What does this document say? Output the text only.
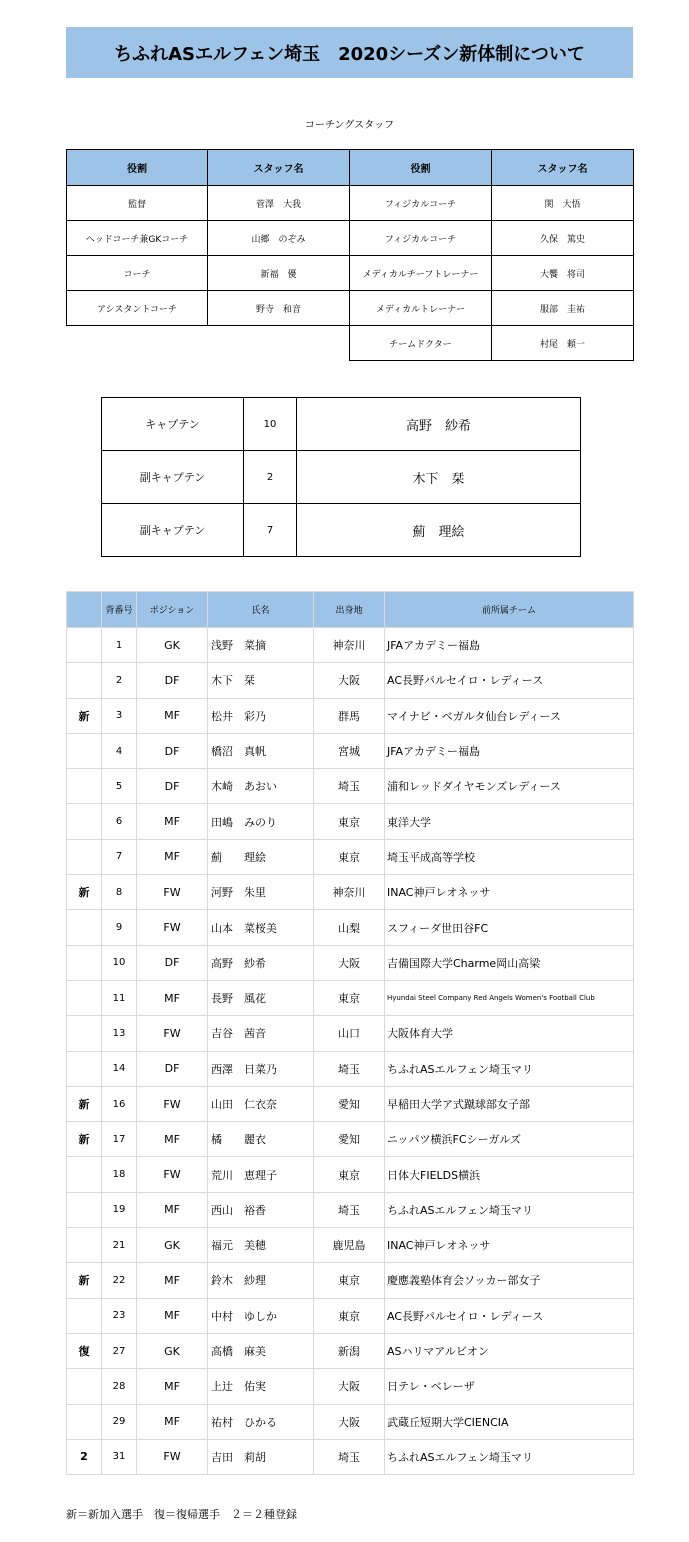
ちふれASエルフェン埼玉　2020シーズン新体制について
コーチングスタッフ
役割	スタッフ名	役割	スタッフ名
監督	菅澤　大我	フィジカルコーチ	関　大悟
ヘッドコーチ兼GKコーチ	山郷　のぞみ	フィジカルコーチ	久保　篤史
コーチ	新福　優	メディカルチーフトレーナー	大饗　将司
アシスタントコーチ	野寺　和音	メディカルトレーナー	服部　圭祐
		チームドクター	村尾　頼一
キャプテン	10	高野　紗希
副キャプテン	2	木下　栞
副キャプテン	7	薊　理絵
	背番号	ポジション	氏名	出身地	前所属チーム
	1	GK	浅野　菜摘	神奈川	JFAアカデミー福島
	2	DF	木下　栞	大阪	AC長野パルセイロ・レディース
新	3	MF	松井　彩乃	群馬	マイナビ・ベガルタ仙台レディース
	4	DF	橋沼　真帆	宮城	JFAアカデミー福島
	5	DF	木崎　あおい	埼玉	浦和レッドダイヤモンズレディース
	6	MF	田嶋　みのり	東京	東洋大学
	7	MF	薊　　理絵	東京	埼玉平成高等学校
新	8	FW	河野　朱里	神奈川	INAC神戸レオネッサ
	9	FW	山本　菜桜美	山梨	スフィーダ世田谷FC
	10	DF	高野　紗希	大阪	吉備国際大学Charme岡山高梁
	11	MF	長野　風花	東京	Hyundai Steel Company Red Angels Women's Football Club
	13	FW	吉谷　茜音	山口	大阪体育大学
	14	DF	西澤　日菜乃	埼玉	ちふれASエルフェン埼玉マリ
新	16	FW	山田　仁衣奈	愛知	早稲田大学ア式蹴球部女子部
新	17	MF	橘　　麗衣	愛知	ニッパツ横浜FCシーガルズ
	18	FW	荒川　恵理子	東京	日体大FIELDS横浜
	19	MF	西山　裕香	埼玉	ちふれASエルフェン埼玉マリ
	21	GK	福元　美穂	鹿児島	INAC神戸レオネッサ
新	22	MF	鈴木　紗理	東京	慶應義塾体育会ソッカー部女子
	23	MF	中村　ゆしか	東京	AC長野パルセイロ・レディース
復	27	GK	高橋　麻美	新潟	ASハリマアルビオン
	28	MF	上辻　佑実	大阪	日テレ・ベレーザ
	29	MF	祐村　ひかる	大阪	武蔵丘短期大学CIENCIA
2	31	FW	吉田　莉胡	埼玉	ちふれASエルフェン埼玉マリ
新＝新加入選手　復＝復帰選手　２＝２種登録
